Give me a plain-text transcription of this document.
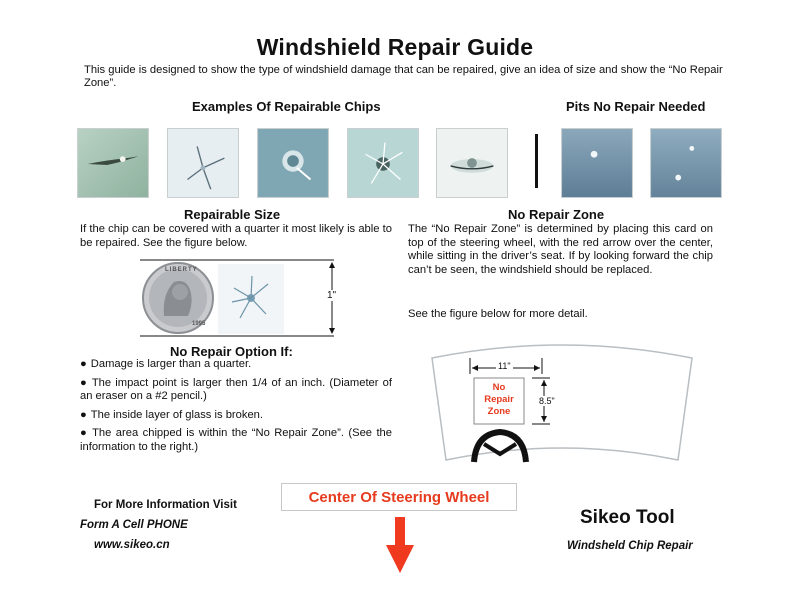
Windshield Repair Guide
This guide is designed to show the type of windshield damage that can be repaired, give an idea of size and show the “No Repair Zone”.
Examples Of Repairable Chips	Pits No Repair Needed
Repairable Size
If the chip can be covered with a quarter it most likely is able to be repaired. See the figure below.
LIBERTY
1995
1"
No Repair Option If:
● Damage is larger than a quarter.
● The impact point is larger then 1/4 of an inch. (Diameter of an eraser on a #2 pencil.)
● The inside layer of glass is broken.
● The area chipped is within the “No Repair Zone”. (See the information to the right.)
No Repair Zone
The “No Repair Zone” is determined by placing this card on top of the steering wheel, with the red arrow over the center, while sitting in the driver’s seat. If by looking forward the chip can’t be seen, the windshield should be replaced.
See the figure below for more detail.
11"
8.5"
No
Repair
Zone
For More Information Visit
Form A Cell PHONE
www.sikeo.cn
Center Of Steering Wheel
Sikeo Tool
Windsheld Chip Repair
